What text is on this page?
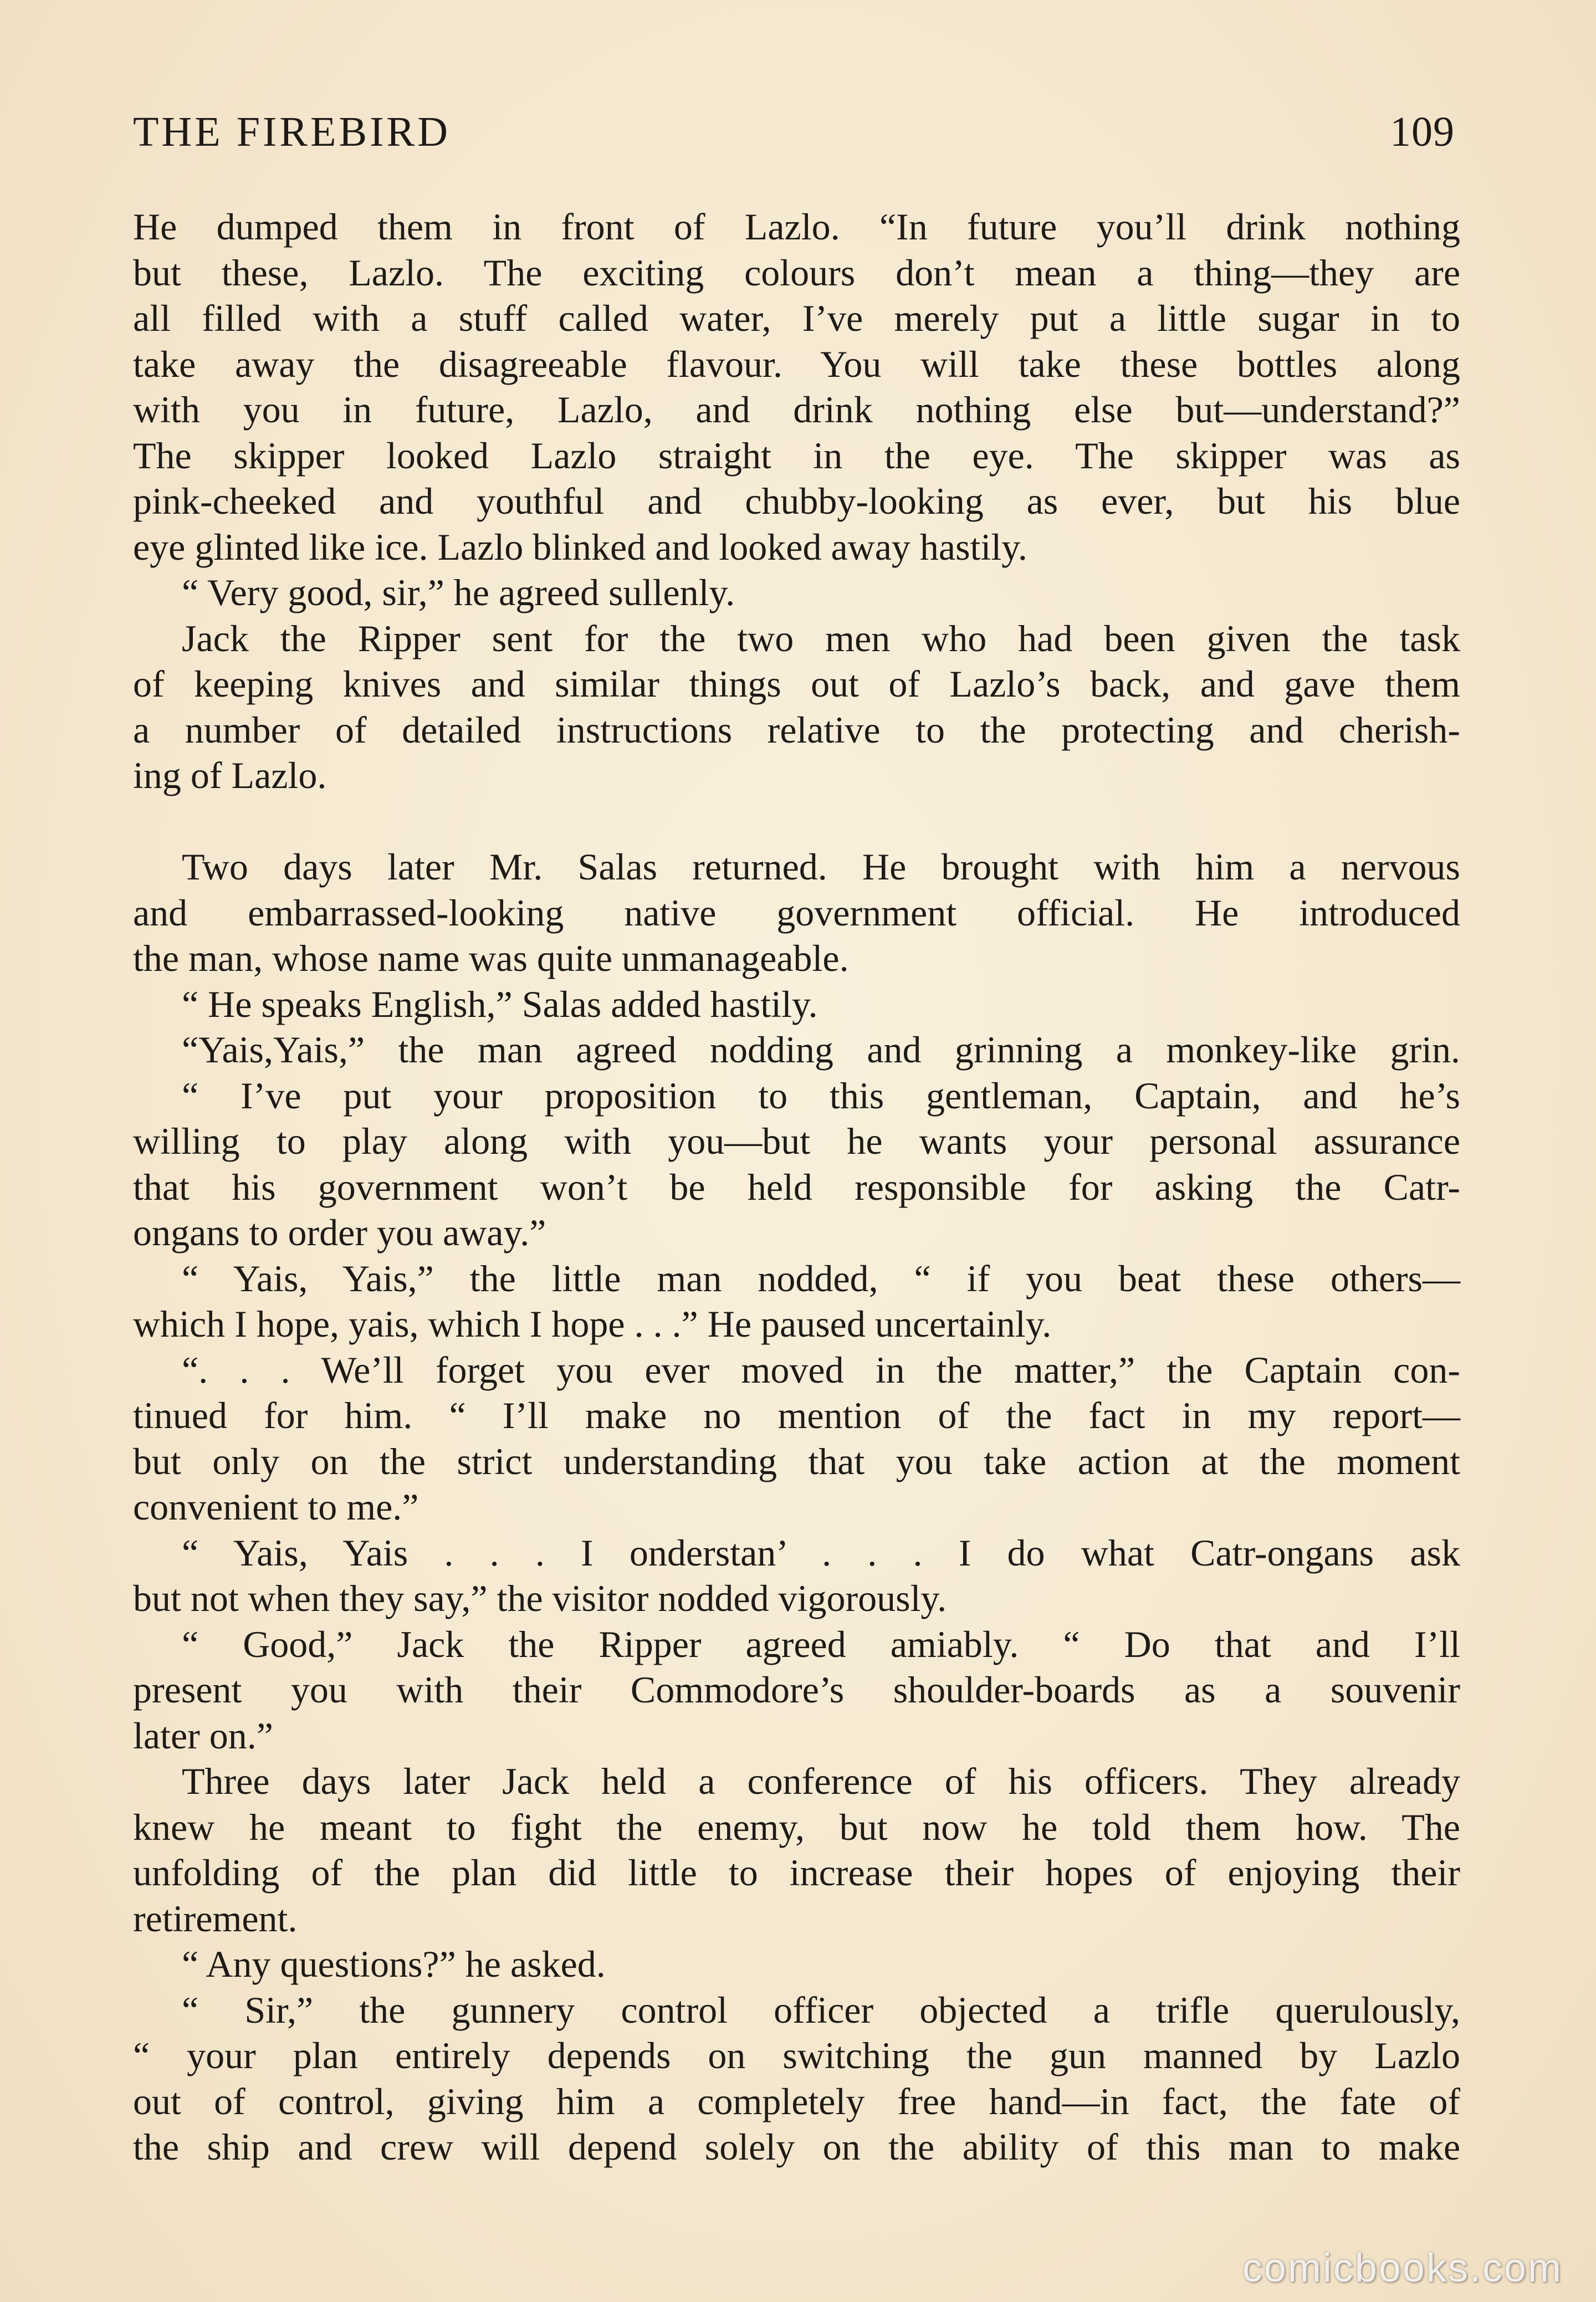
THE FIREBIRD	109
He dumped them in front of Lazlo. “In future you’ll drink nothing
but these, Lazlo. The exciting colours don’t mean a thing—they are
all filled with a stuff called water, I’ve merely put a little sugar in to
take away the disagreeable flavour. You will take these bottles along
with you in future, Lazlo, and drink nothing else but—understand?”
The skipper looked Lazlo straight in the eye. The skipper was as
pink-cheeked and youthful and chubby-looking as ever, but his blue
eye glinted like ice. Lazlo blinked and looked away hastily.
“ Very good, sir,” he agreed sullenly.
Jack the Ripper sent for the two men who had been given the task
of keeping knives and similar things out of Lazlo’s back, and gave them
a number of detailed instructions relative to the protecting and cherish-
ing of Lazlo.
Two days later Mr. Salas returned. He brought with him a nervous
and embarrassed-looking native government official. He introduced
the man, whose name was quite unmanageable.
“ He speaks English,” Salas added hastily.
“Yais,Yais,” the man agreed nodding and grinning a monkey-like grin.
“ I’ve put your proposition to this gentleman, Captain, and he’s
willing to play along with you—but he wants your personal assurance
that his government won’t be held responsible for asking the Catr-
ongans to order you away.”
“ Yais, Yais,” the little man nodded, “ if you beat these others—
which I hope, yais, which I hope . . .” He paused uncertainly.
“. . . We’ll forget you ever moved in the matter,” the Captain con-
tinued for him. “ I’ll make no mention of the fact in my report—
but only on the strict understanding that you take action at the moment
convenient to me.”
“ Yais, Yais . . . I onderstan’ . . . I do what Catr-ongans ask
but not when they say,” the visitor nodded vigorously.
“ Good,” Jack the Ripper agreed amiably. “ Do that and I’ll
present you with their Commodore’s shoulder-boards as a souvenir
later on.”
Three days later Jack held a conference of his officers. They already
knew he meant to fight the enemy, but now he told them how. The
unfolding of the plan did little to increase their hopes of enjoying their
retirement.
“ Any questions?” he asked.
“ Sir,” the gunnery control officer objected a trifle querulously,
“ your plan entirely depends on switching the gun manned by Lazlo
out of control, giving him a completely free hand—in fact, the fate of
the ship and crew will depend solely on the ability of this man to make
comicbooks.com
